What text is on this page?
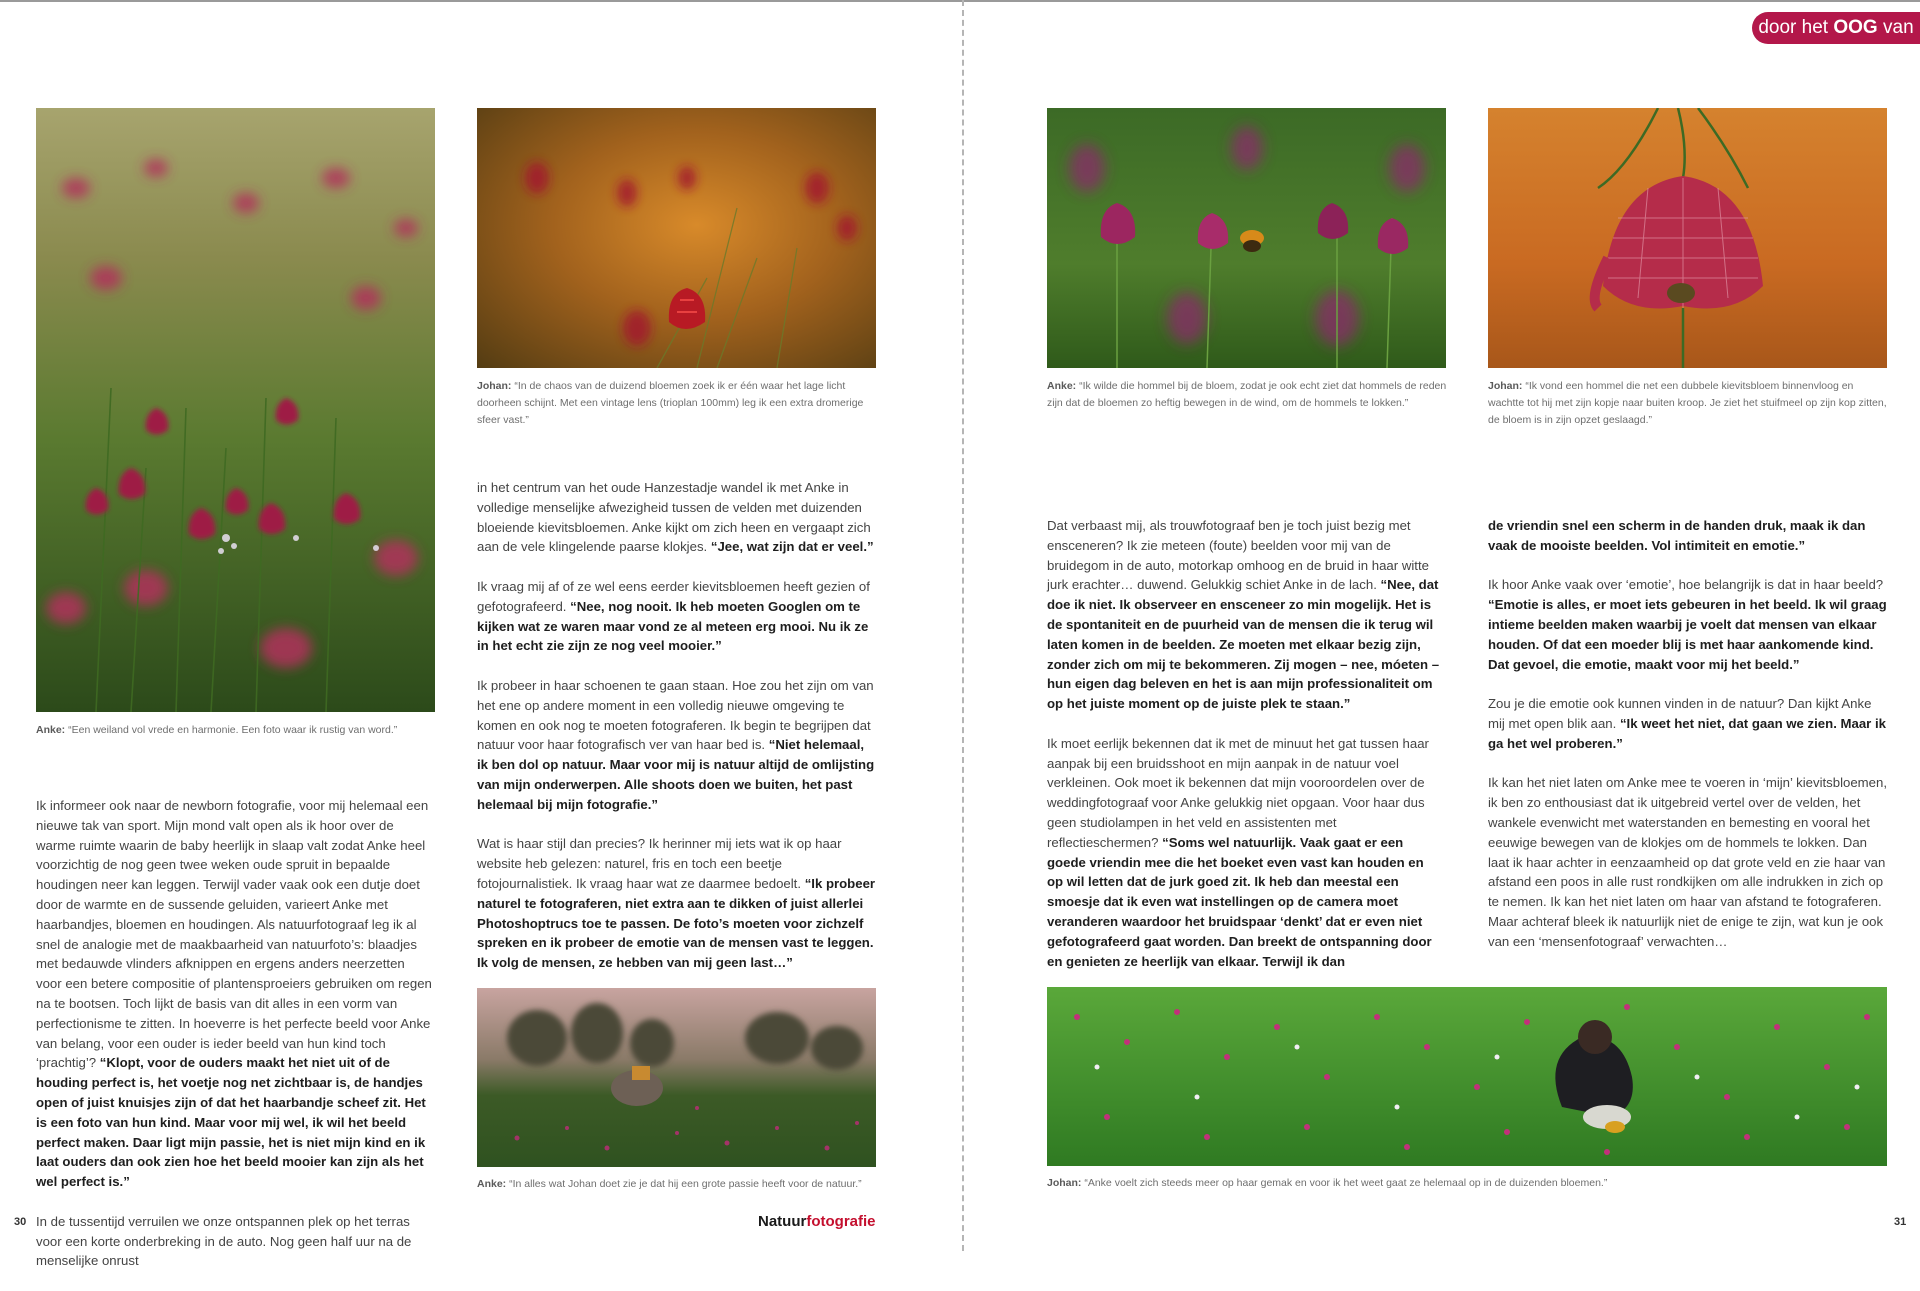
door het OOG van
Anke: “Een weiland vol vrede en harmonie. Een foto waar ik rustig van word.”
Johan: “In de chaos van de duizend bloemen zoek ik er één waar het lage licht doorheen schijnt. Met een vintage lens (trioplan 100mm) leg ik een extra dromerige sfeer vast.”
Anke: “In alles wat Johan doet zie je dat hij een grote passie heeft voor de natuur.”
Anke: “Ik wilde die hommel bij de bloem, zodat je ook echt ziet dat hommels de reden zijn dat de bloemen zo heftig bewegen in de wind, om de hommels te lokken.”
Johan: “Ik vond een hommel die net een dubbele kievitsbloem binnenvloog en wachtte tot hij met zijn kopje naar buiten kroop. Je ziet het stuifmeel op zijn kop zitten, de bloem is in zijn opzet geslaagd.”
Johan: “Anke voelt zich steeds meer op haar gemak en voor ik het weet gaat ze helemaal op in de duizenden bloemen.”

Ik informeer ook naar de newborn fotografie, voor mij helemaal een nieuwe tak van sport. Mijn mond valt open als ik hoor over de warme ruimte waarin de baby heerlijk in slaap valt zodat Anke heel voorzichtig de nog geen twee weken oude spruit in bepaalde houdingen neer kan leggen. Terwijl vader vaak ook een dutje doet door de warmte en de sussende geluiden, varieert Anke met haarbandjes, bloemen en houdingen. Als natuurfotograaf leg ik al snel de analogie met de maakbaarheid van natuurfoto’s: blaadjes met bedauwde vlinders afknippen en ergens anders neerzetten voor een betere compositie of plantensproeiers gebruiken om regen na te bootsen. Toch lijkt de basis van dit alles in een vorm van perfectionisme te zitten. In hoeverre is het perfecte beeld voor Anke van belang, voor een ouder is ieder beeld van hun kind toch ‘prachtig’? “Klopt, voor de ouders maakt het niet uit of de houding perfect is, het voetje nog net zichtbaar is, de handjes open of juist knuisjes zijn of dat het haarbandje scheef zit. Het is een foto van hun kind. Maar voor mij wel, ik wil het beeld perfect maken. Daar ligt mijn passie, het is niet mijn kind en ik laat ouders dan ook zien hoe het beeld mooier kan zijn als het wel perfect is.”

In de tussentijd verruilen we onze ontspannen plek op het terras voor een korte onderbreking in de auto. Nog geen half uur na de menselijke onrust

in het centrum van het oude Hanzestadje wandel ik met Anke in volledige menselijke afwezigheid tussen de velden met duizenden bloeiende kievitsbloemen. Anke kijkt om zich heen en vergaapt zich aan de vele klingelende paarse klokjes. “Jee, wat zijn dat er veel.”

Ik vraag mij af of ze wel eens eerder kievitsbloemen heeft gezien of gefotografeerd. “Nee, nog nooit. Ik heb moeten Googlen om te kijken wat ze waren maar vond ze al meteen erg mooi. Nu ik ze in het echt zie zijn ze nog veel mooier.”

Ik probeer in haar schoenen te gaan staan. Hoe zou het zijn om van het ene op andere moment in een volledig nieuwe omgeving te komen en ook nog te moeten fotograferen. Ik begin te begrijpen dat natuur voor haar fotografisch ver van haar bed is. “Niet helemaal, ik ben dol op natuur. Maar voor mij is natuur altijd de omlijsting van mijn onderwerpen. Alle shoots doen we buiten, het past helemaal bij mijn fotografie.”

Wat is haar stijl dan precies? Ik herinner mij iets wat ik op haar website heb gelezen: naturel, fris en toch een beetje fotojournalistiek. Ik vraag haar wat ze daarmee bedoelt. “Ik probeer naturel te fotograferen, niet extra aan te dikken of juist allerlei Photoshoptrucs toe te passen. De foto’s moeten voor zichzelf spreken en ik probeer de emotie van de mensen vast te leggen. Ik volg de mensen, ze hebben van mij geen last…”

Dat verbaast mij, als trouwfotograaf ben je toch juist bezig met ensceneren? Ik zie meteen (foute) beelden voor mij van de bruidegom in de auto, motorkap omhoog en de bruid in haar witte jurk erachter… duwend. Gelukkig schiet Anke in de lach. “Nee, dat doe ik niet. Ik observeer en ensceneer zo min mogelijk. Het is de spontaniteit en de puurheid van de mensen die ik terug wil laten komen in de beelden. Ze moeten met elkaar bezig zijn, zonder zich om mij te bekommeren. Zij mogen – nee, móeten – hun eigen dag beleven en het is aan mijn professionaliteit om op het juiste moment op de juiste plek te staan.”

Ik moet eerlijk bekennen dat ik met de minuut het gat tussen haar aanpak bij een bruidsshoot en mijn aanpak in de natuur voel verkleinen. Ook moet ik bekennen dat mijn vooroordelen over de weddingfotograaf voor Anke gelukkig niet opgaan. Voor haar dus geen studiolampen in het veld en assistenten met reflectieschermen? “Soms wel natuurlijk. Vaak gaat er een goede vriendin mee die het boeket even vast kan houden en op wil letten dat de jurk goed zit. Ik heb dan meestal een smoesje dat ik even wat instellingen op de camera moet veranderen waardoor het bruidspaar ‘denkt’ dat er even niet gefotografeerd gaat worden. Dan breekt de ontspanning door en genieten ze heerlijk van elkaar. Terwijl ik dan

de vriendin snel een scherm in de handen druk, maak ik dan vaak de mooiste beelden. Vol intimiteit en emotie.”

Ik hoor Anke vaak over ‘emotie’, hoe belangrijk is dat in haar beeld? “Emotie is alles, er moet iets gebeuren in het beeld. Ik wil graag intieme beelden maken waarbij je voelt dat mensen van elkaar houden. Of dat een moeder blij is met haar aankomende kind. Dat gevoel, die emotie, maakt voor mij het beeld.”

Zou je die emotie ook kunnen vinden in de natuur? Dan kijkt Anke mij met open blik aan. “Ik weet het niet, dat gaan we zien. Maar ik ga het wel proberen.”

Ik kan het niet laten om Anke mee te voeren in ‘mijn’ kievitsbloemen, ik ben zo enthousiast dat ik uitgebreid vertel over de velden, het wankele evenwicht met waterstanden en bemesting en vooral het eeuwige bewegen van de klokjes om de hommels te lokken. Dan laat ik haar achter in eenzaamheid op dat grote veld en zie haar van afstand een poos in alle rust rondkijken om alle indrukken in zich op te nemen. Ik kan het niet laten om haar van afstand te fotograferen. Maar achteraf bleek ik natuurlijk niet de enige te zijn, wat kun je ook van een ‘mensenfotograaf’ verwachten…

30	Natuurfotografie	31
